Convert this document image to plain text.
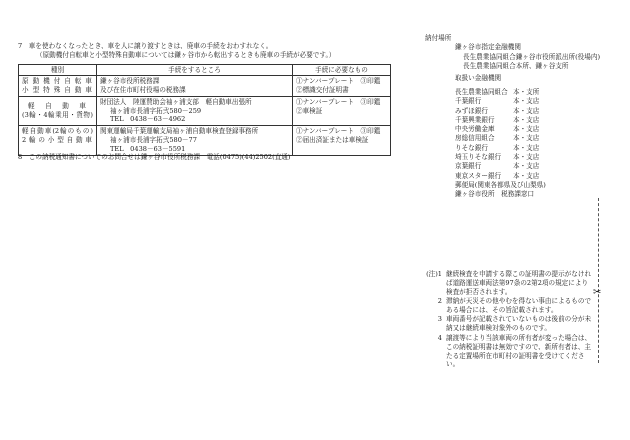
7　車を使わなくなったとき、車を人に譲り渡すときは、廃車の手続をおわすれなく。
（原動機付自転車と小型特殊自動車については鎌ヶ谷市から転出するときも廃車の手続が必要です。）
種別	手続をするところ	手続に必要なもの

原動機付自転車
小型特殊自動車	鎌ヶ谷市役所税務課
及び在住市町村役場の税務課	①ナンバープレート　③印鑑
②標識交付証明書

軽自動車
(3輪・4輪乗用・貨物)	財団法人　陸運賛助会袖ヶ浦支部　軽自動車出張所
袖ヶ浦市長浦字拓弐580－259
TEL　0438－63－4962	①ナンバープレート　③印鑑
②車検証

軽自動車(2輪のもの)
2輪の小型自動車	関東運輸局千葉運輸支局袖ヶ浦自動車検査登録事務所
袖ヶ浦市長浦字拓弐580－77
TEL　0438－63－5591	①ナンバープレート　③印鑑
②届出済証または車検証
8　この納税通知書についてのお問合せは鎌ヶ谷市役所税務課　電話(0475)(44)2502(直通)
納付場所
鎌ヶ谷市指定金融機関
長生農業協同組合鎌ヶ谷市役所派出所(役場内)
長生農業協同組合本所、鎌ヶ谷支所
取扱い金融機関
長生農業協同組合 本・支所
千葉銀行	本・支店
みずほ銀行	本・支店
千葉興業銀行	本・支店
中央労働金庫	本・支店
房総信用組合	本・支店
りそな銀行	本・支店
埼玉りそな銀行	本・支店
京葉銀行	本・支店
東京スター銀行	本・支店
郵便局(関東各都県及び山梨県)
鎌ヶ谷市役所　税務課窓口
✂
(注)1 継続検査を申請する際この証明書の提示がなければ道路運送車両法第97条の2第2項の規定により検査が拒否されます。
2 滞納が天災その他やむを得ない事由によるものである場合には、その旨記載されます。
3 車両番号が記載されていないものは後前の分が未納又は継続車検対象外のものです。
4 譲渡等により当該車両の所有者が変った場合は、この納税証明書は無効ですので、新所有者は、主たる定置場所在市町村の証明書を受けてください。
